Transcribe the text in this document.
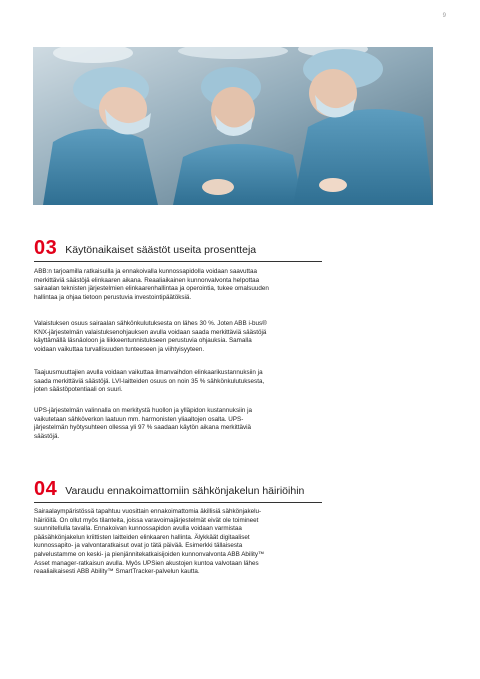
9
03 Käytönaikaiset säästöt useita prosentteja

ABB:n tarjoamilla ratkaisuilla ja ennakoivalla kunnossapidolla voidaan saavuttaa
merkittäviä säästöjä elinkaaren aikana. Reaaliaikainen kunnonvalvonta helpottaa
sairaalan teknisten järjestelmien elinkaarenhallintaa ja operointia, tukee omalsuuden
hallintaa ja ohjaa tietoon perustuvia investointipäätöksiä.

Valaistuksen osuus sairaalan sähkönkulutuksesta on lähes 30 %. Joten ABB i-bus®
KNX-järjestelmän valaistuksenohjauksen avulla voidaan saada merkittäviä säästöjä
käyttämällä läsnäoloon ja liikkeentunnistukseen perustuvia ohjauksia. Samalla
voidaan vaikuttaa turvallisuuden tunteeseen ja viihtyisyyteen.

Taajuusmuuttajien avulla voidaan vaikuttaa ilmanvaihdon elinkaarikustannuksiin ja
saada merkittäviä säästöjä. LVI-laitteiden osuus on noin 35 % sähkönkulutuksesta,
joten säästöpotentiaali on suuri.

UPS-järjestelmän valinnalla on merkitystä huollon ja ylläpidon kustannuksiin ja
vaikutetaan sähköverkon laatuun mm. harmonisten yliaaltojen osalta. UPS-
järjestelmän hyötysuhteen ollessa yli 97 % saadaan käytön aikana merkittäviä
säästöjä.

04 Varaudu ennakoimattomiin sähkönjakelun häiriöihin

Sairaalaympäristössä tapahtuu vuosittain ennakoimattomia äkillisiä sähkönjakelu-
häiriöitä. On ollut myös tilanteita, joissa varavoimajärjestelmät eivät ole toimineet
suunnitellulla tavalla. Ennakoivan kunnossapidon avulla voidaan varmistaa
pääsähkönjakelun kriittisten laitteiden elinkaaren hallinta. Älykkäät digitaaliset
kunnossapito- ja valvontaratkaisut ovat jo tätä päivää. Esimerkki tällaisesta
palvelustamme on keski- ja pienjännitekatkaisijoiden kunnonvalvonta ABB Ability™
Asset manager-ratkaisun avulla. Myös UPSien akustojen kuntoa valvotaan lähes
reaaliaikaisesti ABB Ability™ SmartTracker-palvelun kautta.
